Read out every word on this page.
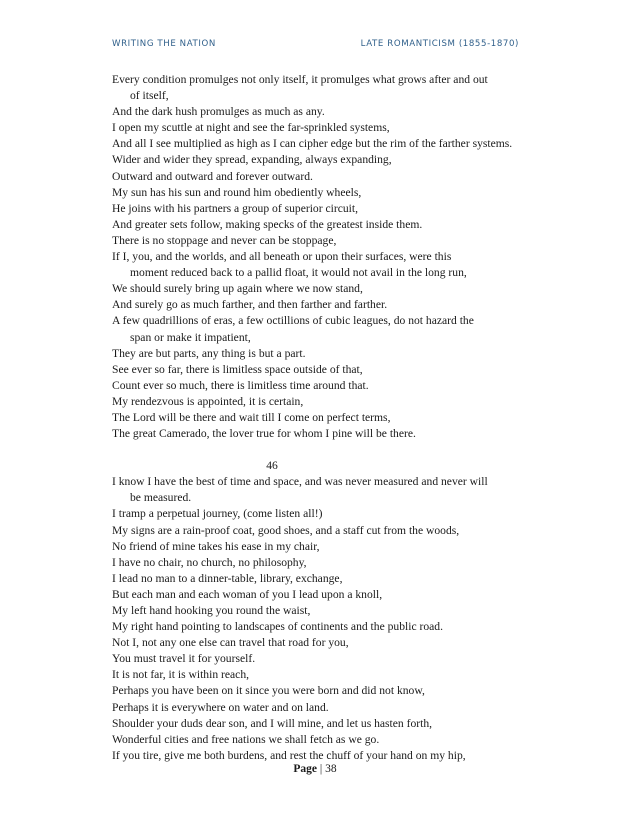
WRITING THE NATION	LATE ROMANTICISM (1855-1870)
Every condition promulges not only itself, it promulges what grows after and out
of itself,
And the dark hush promulges as much as any.
I open my scuttle at night and see the far-sprinkled systems,
And all I see multiplied as high as I can cipher edge but the rim of the farther systems.
Wider and wider they spread, expanding, always expanding,
Outward and outward and forever outward.
My sun has his sun and round him obediently wheels,
He joins with his partners a group of superior circuit,
And greater sets follow, making specks of the greatest inside them.
There is no stoppage and never can be stoppage,
If I, you, and the worlds, and all beneath or upon their surfaces, were this
moment reduced back to a pallid float, it would not avail in the long run,
We should surely bring up again where we now stand,
And surely go as much farther, and then farther and farther.
A few quadrillions of eras, a few octillions of cubic leagues, do not hazard the
span or make it impatient,
They are but parts, any thing is but a part.
See ever so far, there is limitless space outside of that,
Count ever so much, there is limitless time around that.
My rendezvous is appointed, it is certain,
The Lord will be there and wait till I come on perfect terms,
The great Camerado, the lover true for whom I pine will be there.
46
I know I have the best of time and space, and was never measured and never will
be measured.
I tramp a perpetual journey, (come listen all!)
My signs are a rain-proof coat, good shoes, and a staff cut from the woods,
No friend of mine takes his ease in my chair,
I have no chair, no church, no philosophy,
I lead no man to a dinner-table, library, exchange,
But each man and each woman of you I lead upon a knoll,
My left hand hooking you round the waist,
My right hand pointing to landscapes of continents and the public road.
Not I, not any one else can travel that road for you,
You must travel it for yourself.
It is not far, it is within reach,
Perhaps you have been on it since you were born and did not know,
Perhaps it is everywhere on water and on land.
Shoulder your duds dear son, and I will mine, and let us hasten forth,
Wonderful cities and free nations we shall fetch as we go.
If you tire, give me both burdens, and rest the chuff of your hand on my hip,
Page | 38
